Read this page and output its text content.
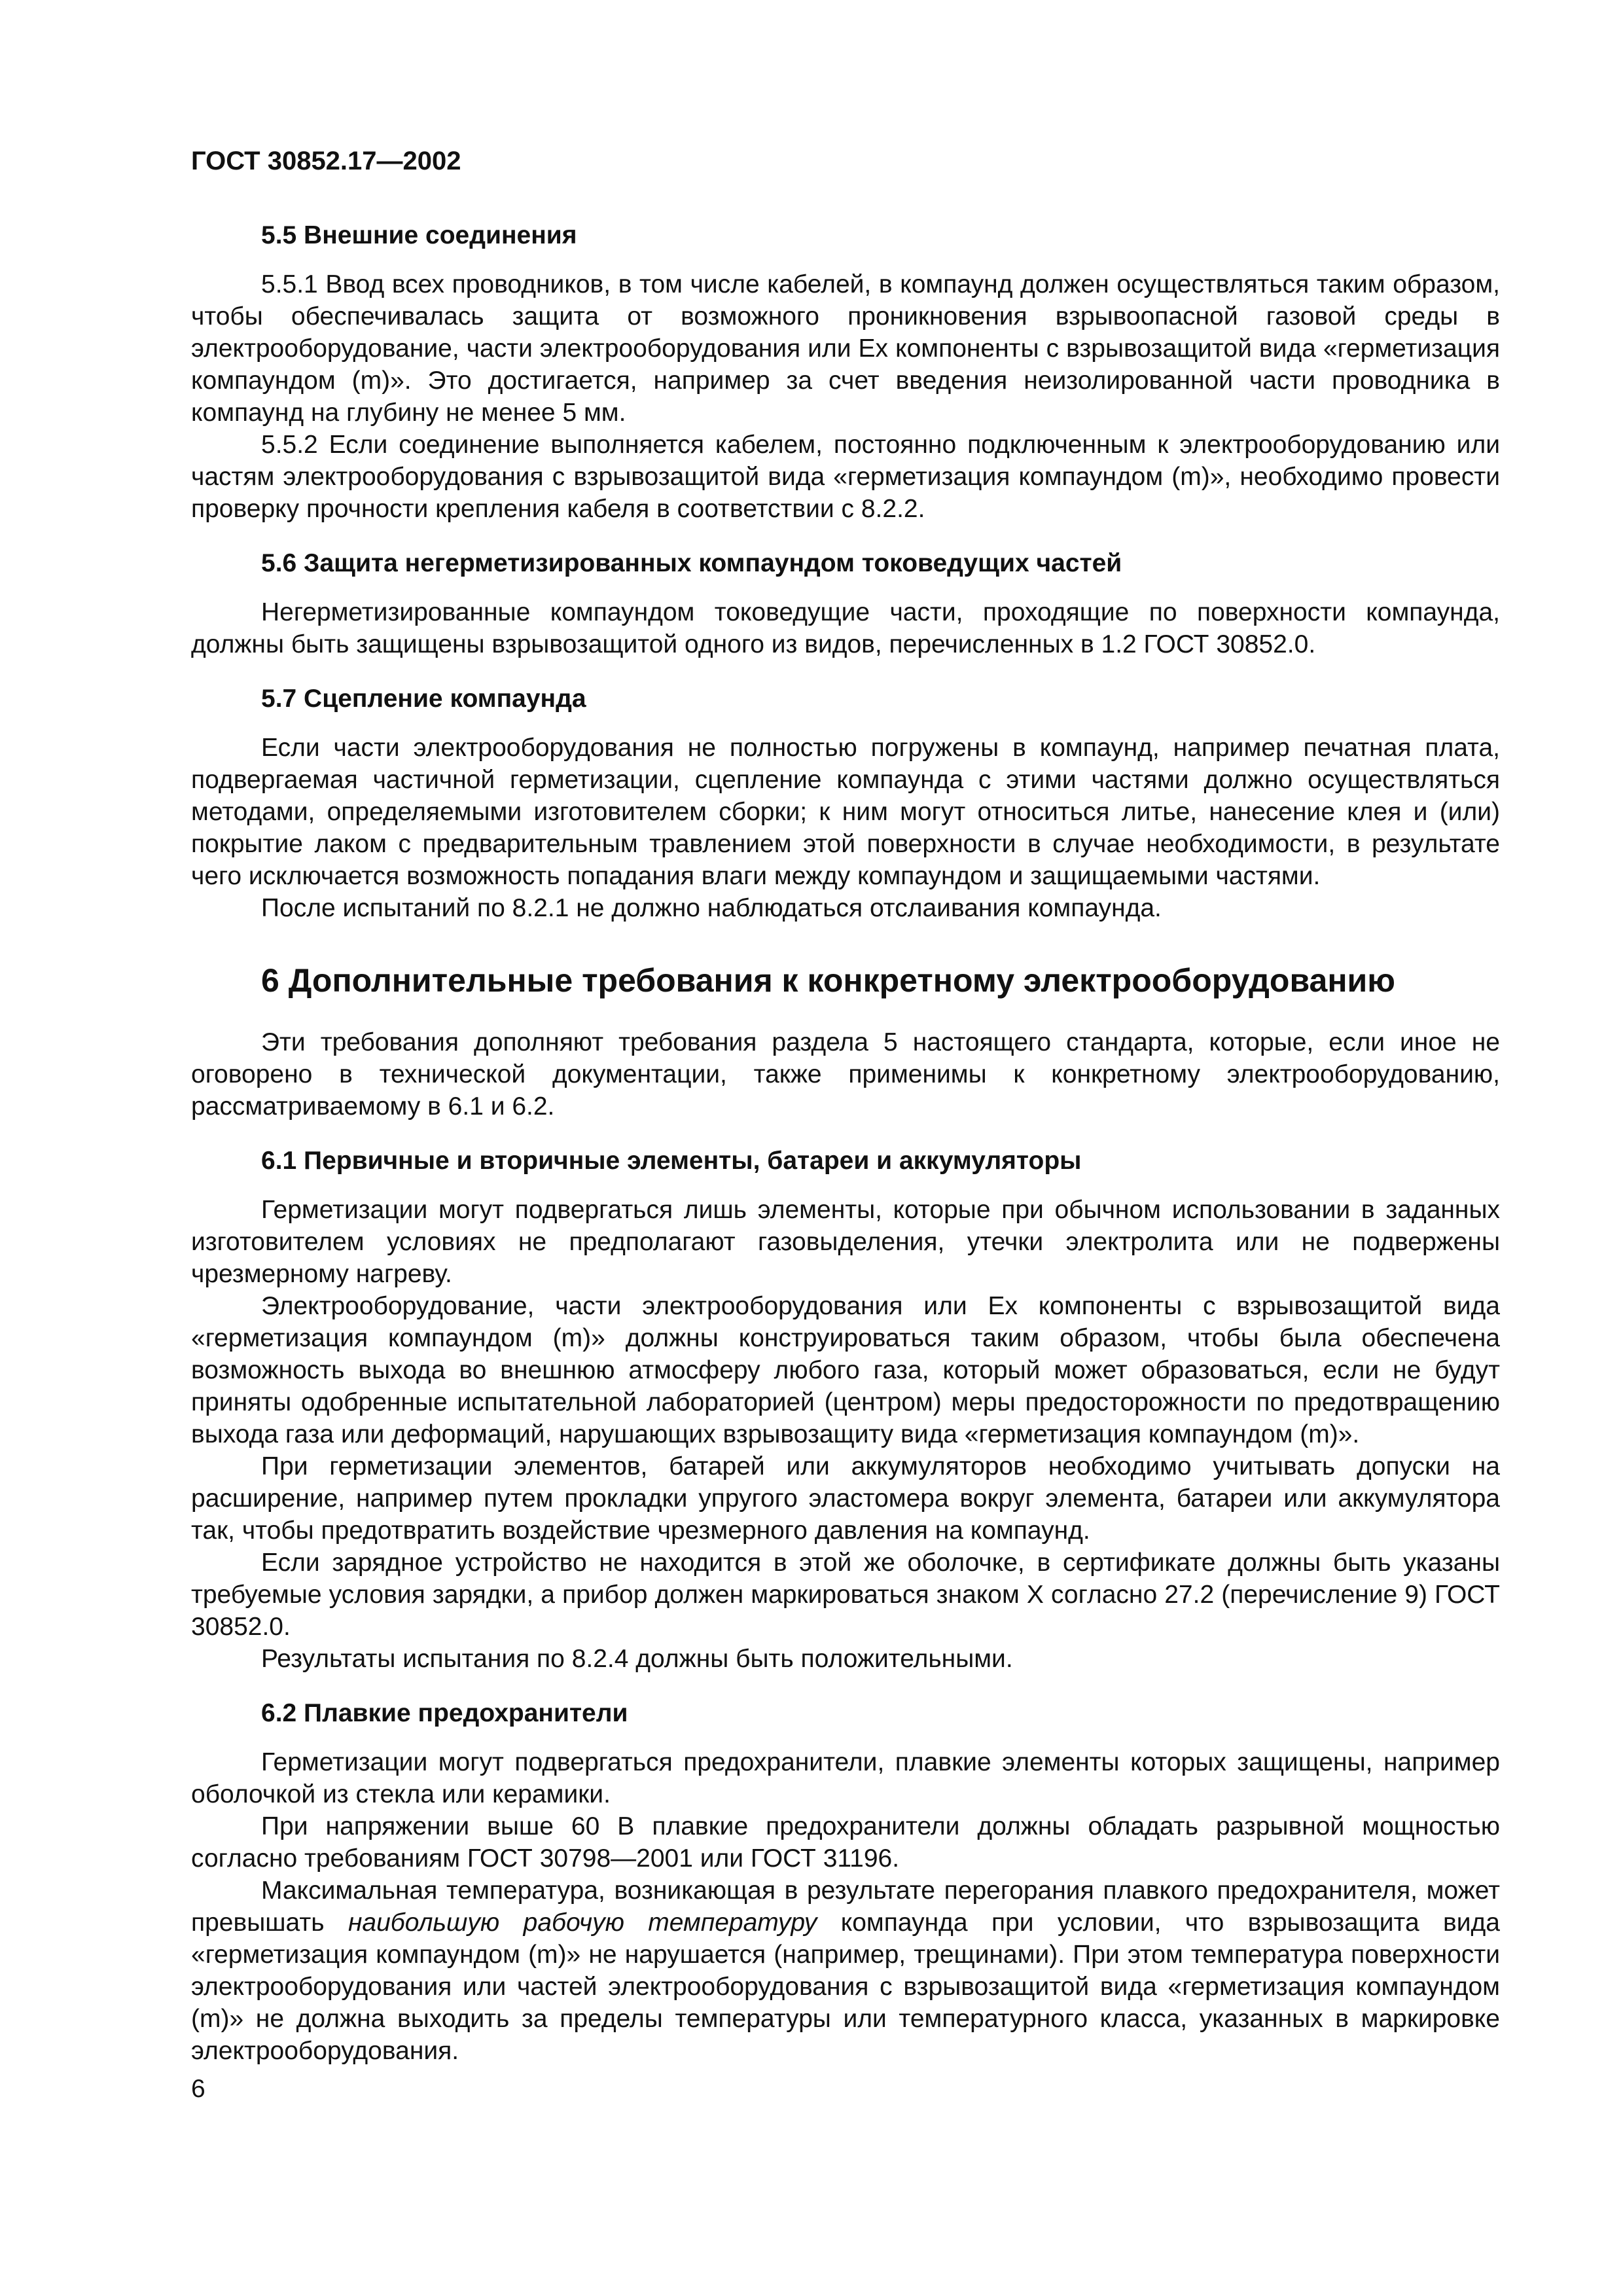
ГОСТ 30852.17—2002
5.5 Внешние соединения

5.5.1 Ввод всех проводников, в том числе кабелей, в компаунд должен осуществляться таким образом, чтобы обеспечивалась защита от возможного проникновения взрывоопасной газовой среды в электрооборудование, части электрооборудования или Ex компоненты с взрывозащитой вида «герметизация компаундом (m)». Это достигается, например за счет введения неизолированной части проводника в компаунд на глубину не менее 5 мм.

5.5.2 Если соединение выполняется кабелем, постоянно подключенным к электрооборудованию или частям электрооборудования с взрывозащитой вида «герметизация компаундом (m)», необходимо провести проверку прочности крепления кабеля в соответствии с 8.2.2.

5.6 Защита негерметизированных компаундом токоведущих частей

Негерметизированные компаундом токоведущие части, проходящие по поверхности компаунда, должны быть защищены взрывозащитой одного из видов, перечисленных в 1.2 ГОСТ 30852.0.

5.7 Сцепление компаунда

Если части электрооборудования не полностью погружены в компаунд, например печатная плата, подвергаемая частичной герметизации, сцепление компаунда с этими частями должно осуществляться методами, определяемыми изготовителем сборки; к ним могут относиться литье, нанесение клея и (или) покрытие лаком с предварительным травлением этой поверхности в случае необходимости, в результате чего исключается возможность попадания влаги между компаундом и защищаемыми частями.

После испытаний по 8.2.1 не должно наблюдаться отслаивания компаунда.

6 Дополнительные требования к конкретному электрооборудованию

Эти требования дополняют требования раздела 5 настоящего стандарта, которые, если иное не оговорено в технической документации, также применимы к конкретному электрооборудованию, рассматриваемому в 6.1 и 6.2.

6.1 Первичные и вторичные элементы, батареи и аккумуляторы

Герметизации могут подвергаться лишь элементы, которые при обычном использовании в заданных изготовителем условиях не предполагают газовыделения, утечки электролита или не подвержены чрезмерному нагреву.

Электрооборудование, части электрооборудования или Ex компоненты с взрывозащитой вида «герметизация компаундом (m)» должны конструироваться таким образом, чтобы была обеспечена возможность выхода во внешнюю атмосферу любого газа, который может образоваться, если не будут приняты одобренные испытательной лабораторией (центром) меры предосторожности по предотвращению выхода газа или деформаций, нарушающих взрывозащиту вида «герметизация компаундом (m)».

При герметизации элементов, батарей или аккумуляторов необходимо учитывать допуски на расширение, например путем прокладки упругого эластомера вокруг элемента, батареи или аккумулятора так, чтобы предотвратить воздействие чрезмерного давления на компаунд.

Если зарядное устройство не находится в этой же оболочке, в сертификате должны быть указаны требуемые условия зарядки, а прибор должен маркироваться знаком X согласно 27.2 (перечисление 9) ГОСТ 30852.0.

Результаты испытания по 8.2.4 должны быть положительными.

6.2 Плавкие предохранители

Герметизации могут подвергаться предохранители, плавкие элементы которых защищены, например оболочкой из стекла или керамики.

При напряжении выше 60 В плавкие предохранители должны обладать разрывной мощностью согласно требованиям ГОСТ 30798—2001 или ГОСТ 31196.

Максимальная температура, возникающая в результате перегорания плавкого предохранителя, может превышать наибольшую рабочую температуру компаунда при условии, что взрывозащита вида «герметизация компаундом (m)» не нарушается (например, трещинами). При этом температура поверхности электрооборудования или частей электрооборудования с взрывозащитой вида «герметизация компаундом (m)» не должна выходить за пределы температуры или температурного класса, указанных в маркировке электрооборудования.

6
